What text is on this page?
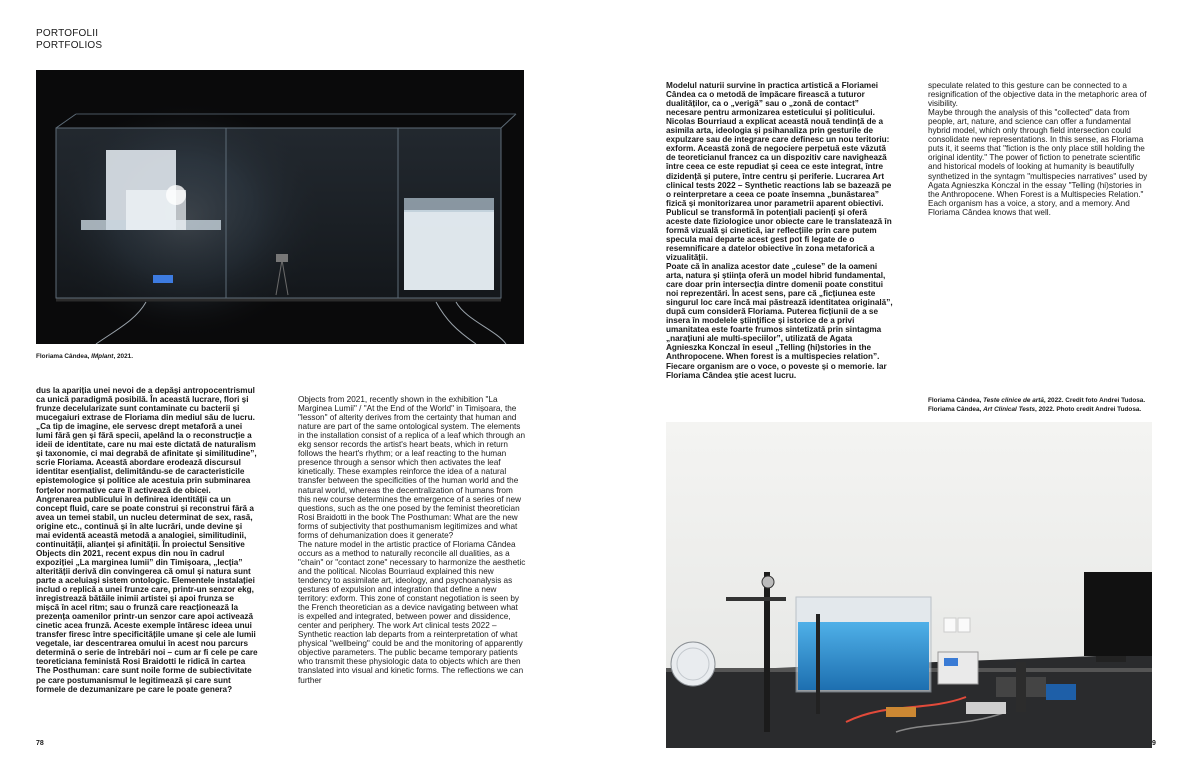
PORTOFOLII
PORTFOLIOS
Floriama Cândea, IMplant, 2021.

dus la apariția unei nevoi de a depăși antropocentrismul ca unică paradigmă posibilă. În această lucrare, flori și frunze decelularizate sunt contaminate cu bacterii și mucegaiuri extrase de Floriama din mediul său de lucru. „Ca tip de imagine, ele servesc drept metaforă a unei lumi fără gen și fără specii, apelând la o reconstrucție a ideii de identitate, care nu mai este dictată de naturalism și taxonomie, ci mai degrabă de afinitate și similitudine”, scrie Floriama. Această abordare erodează discursul identitar esențialist, delimitându-se de caracteristicile epistemologice și politice ale acestuia prin subminarea forțelor normative care îl activează de obicei. Angrenarea publicului în definirea identității ca un concept fluid, care se poate construi și reconstrui fără a avea un temei stabil, un nucleu determinat de sex, rasă, origine etc., continuă și în alte lucrări, unde devine și mai evidentă această metodă a analogiei, similitudinii, continuității, alianței și afinității. În proiectul Sensitive Objects din 2021, recent expus din nou în cadrul expoziției „La marginea lumii” din Timișoara, „lecția” alterității derivă din convingerea că omul și natura sunt parte a aceluiași sistem ontologic. Elementele instalației includ o replică a unei frunze care, printr-un senzor ekg, înregistrează bătăile inimii artistei și apoi frunza se mișcă în acel ritm; sau o frunză care reacționează la prezența oamenilor printr-un senzor care apoi activează cinetic acea frunză. Aceste exemple întăresc ideea unui transfer firesc între specificitățile umane și cele ale lumii vegetale, iar descentrarea omului în acest nou parcurs determină o serie de întrebări noi – cum ar fi cele pe care teoreticiana feministă Rosi Braidotti le ridică în cartea The Posthuman: care sunt noile forme de subiectivitate pe care postumanismul le legitimează și care sunt formele de dezumanizare pe care le poate genera?

Objects from 2021, recently shown in the exhibition "La Marginea Lumii" / "At the End of the World" in Timișoara, the "lesson" of alterity derives from the certainty that human and nature are part of the same ontological system. The elements in the installation consist of a replica of a leaf which through an ekg sensor records the artist's heart beats, which in return follows the heart's rhythm; or a leaf reacting to the human presence through a sensor which then activates the leaf kinetically. These examples reinforce the idea of a natural transfer between the specificities of the human world and the natural world, whereas the decentralization of humans from this new course determines the emergence of a series of new questions, such as the one posed by the feminist theoretician Rosi Braidotti in the book The Posthuman: What are the new forms of subjectivity that posthumanism legitimizes and what forms of dehumanization does it generate?
The nature model in the artistic practice of Floriama Cândea occurs as a method to naturally reconcile all dualities, as a "chain" or "contact zone" necessary to harmonize the aesthetic and the political. Nicolas Bourriaud explained this new tendency to assimilate art, ideology, and psychoanalysis as gestures of expulsion and integration that define a new territory: exform. This zone of constant negotiation is seen by the French theoretician as a device navigating between what is expelled and integrated, between power and dissidence, center and periphery. The work Art clinical tests 2022 – Synthetic reaction lab departs from a reinterpretation of what physical "wellbeing" could be and the monitoring of apparently objective parameters. The public became temporary patients who transmit these physiologic data to objects which are then translated into visual and kinetic forms. The reflections we can further

Modelul naturii survine în practica artistică a Floriamei Cândea ca o metodă de împăcare firească a tuturor dualităților, ca o „verigă” sau o „zonă de contact” necesare pentru armonizarea esteticului și politicului. Nicolas Bourriaud a explicat această nouă tendință de a asimila arta, ideologia și psihanaliza prin gesturile de expulzare sau de integrare care definesc un nou teritoriu: exform. Această zonă de negociere perpetuă este văzută de teoreticianul francez ca un dispozitiv care navighează între ceea ce este repudiat și ceea ce este integrat, între dizidență și putere, între centru și periferie. Lucrarea Art clinical tests 2022 – Synthetic reactions lab se bazează pe o reinterpretare a ceea ce poate însemna „bunăstarea” fizică și monitorizarea unor parametrii aparent obiectivi. Publicul se transformă în potențiali pacienți și oferă aceste date fiziologice unor obiecte care le translatează în formă vizuală și cinetică, iar reflecțiile prin care putem specula mai departe acest gest pot fi legate de o resemnificare a datelor obiective în zona metaforică a vizualității.
Poate că în analiza acestor date „culese” de la oameni arta, natura și știința oferă un model hibrid fundamental, care doar prin intersecția dintre domenii poate constitui noi reprezentări. În acest sens, pare că „ficțiunea este singurul loc care încă mai păstrează identitatea originală”, după cum consideră Floriama. Puterea ficțiunii de a se insera în modelele științifice și istorice de a privi umanitatea este foarte frumos sintetizată prin sintagma „narațiuni ale multi-speciilor”, utilizată de Agata Agnieszka Konczal în eseul „Telling (hi)stories in the Anthropocene. When forest is a multispecies relation”. Fiecare organism are o voce, o poveste și o memorie. Iar Floriama Cândea știe acest lucru.

speculate related to this gesture can be connected to a resignification of the objective data in the metaphoric area of visibility.
Maybe through the analysis of this "collected" data from people, art, nature, and science can offer a fundamental hybrid model, which only through field intersection could consolidate new representations. In this sense, as Floriama puts it, it seems that "fiction is the only place still holding the original identity." The power of fiction to penetrate scientific and historical models of looking at humanity is beautifully synthetized in the syntagm "multispecies narratives" used by Agata Agnieszka Konczal in the essay "Telling (hi)stories in the Anthropocene. When Forest is a Multispecies Relation." Each organism has a voice, a story, and a memory. And Floriama Cândea knows that well.

Floriama Cândea, Teste clinice de artă, 2022. Credit foto Andrei Tudosa.
Floriama Cândea, Art Clinical Tests, 2022. Photo credit Andrei Tudosa.
78	9
